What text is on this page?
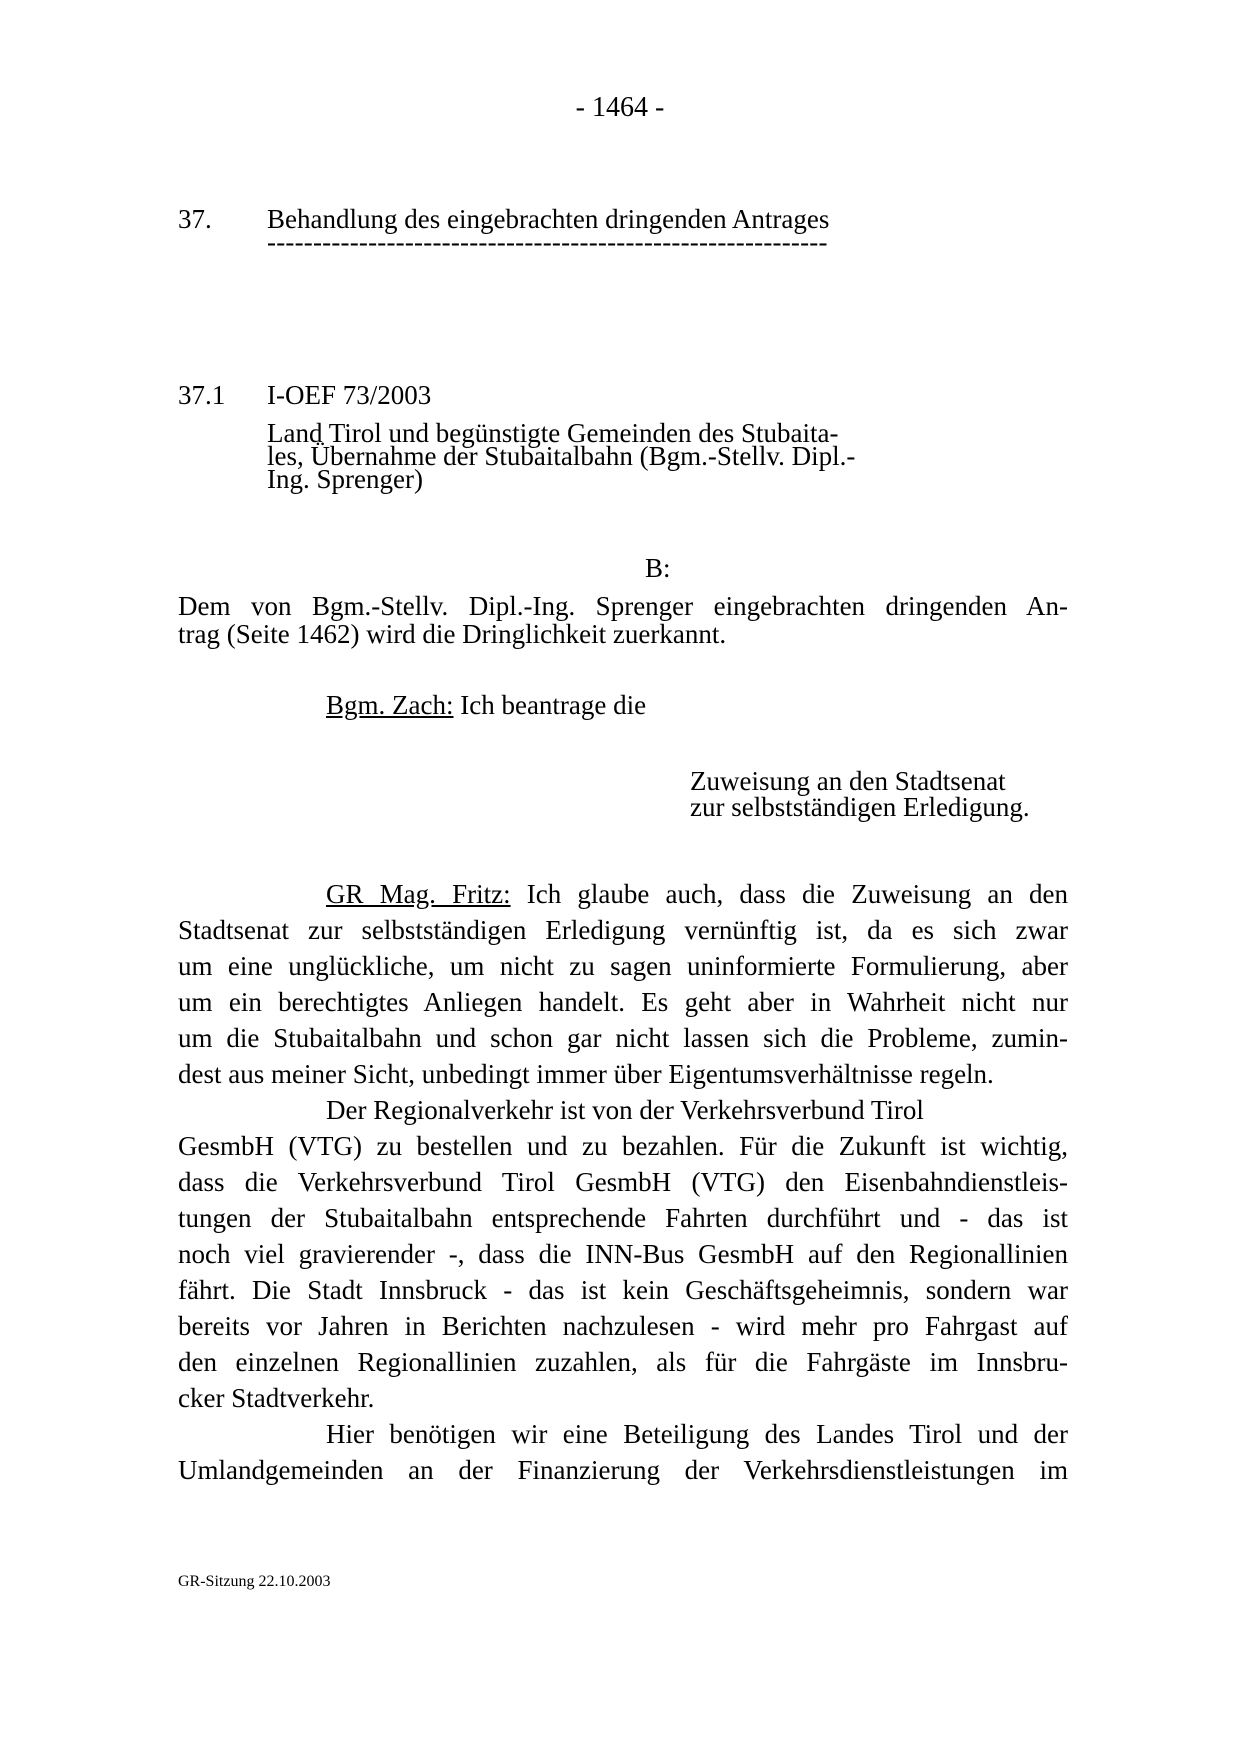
- 1464 -
37. Behandlung des eingebrachten dringenden Antrages
-------------------------------------------------------------
37.1 I-OEF 73/2003
Land Tirol und begünstigte Gemeinden des Stubaita-
les, Übernahme der Stubaitalbahn (Bgm.-Stellv. Dipl.-
Ing. Sprenger)
B:
Dem von Bgm.-Stellv. Dipl.-Ing. Sprenger eingebrachten dringenden An-
trag (Seite 1462) wird die Dringlichkeit zuerkannt.
Bgm. Zach: Ich beantrage die
Zuweisung an den Stadtsenat
zur selbstständigen Erledigung.

GR Mag. Fritz: Ich glaube auch, dass die Zuweisung an den
Stadtsenat zur selbstständigen Erledigung vernünftig ist, da es sich zwar
um eine unglückliche, um nicht zu sagen uninformierte Formulierung, aber
um ein berechtigtes Anliegen handelt. Es geht aber in Wahrheit nicht nur
um die Stubaitalbahn und schon gar nicht lassen sich die Probleme, zumin-
dest aus meiner Sicht, unbedingt immer über Eigentumsverhältnisse regeln.

Der Regionalverkehr ist von der Verkehrsverbund Tirol
GesmbH (VTG) zu bestellen und zu bezahlen. Für die Zukunft ist wichtig,
dass die Verkehrsverbund Tirol GesmbH (VTG) den Eisenbahndienstleis-
tungen der Stubaitalbahn entsprechende Fahrten durchführt und - das ist
noch viel gravierender -, dass die INN-Bus GesmbH auf den Regionallinien
fährt. Die Stadt Innsbruck - das ist kein Geschäftsgeheimnis, sondern war
bereits vor Jahren in Berichten nachzulesen - wird mehr pro Fahrgast auf
den einzelnen Regionallinien zuzahlen, als für die Fahrgäste im Innsbru-
cker Stadtverkehr.

Hier benötigen wir eine Beteiligung des Landes Tirol und der
Umlandgemeinden an der Finanzierung der Verkehrsdienstleistungen im

GR-Sitzung 22.10.2003
